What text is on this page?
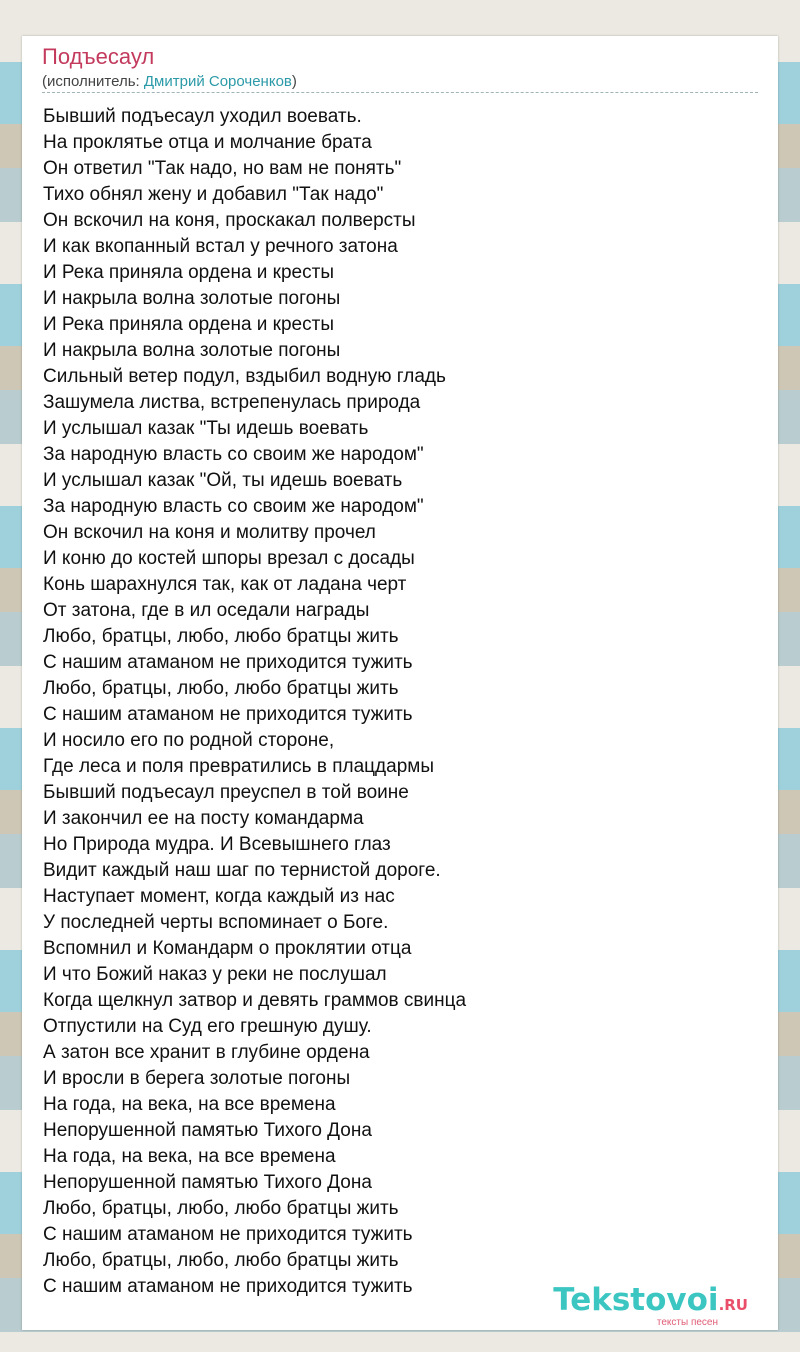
Подъесаул
(исполнитель: Дмитрий Сороченков)
Бывший подъесаул уходил воевать.
На проклятье отца и молчание брата
Он ответил "Так надо, но вам не понять"
Тихо обнял жену и добавил "Так надо"
Он вскочил на коня, проскакал полверсты
И как вкопанный встал у речного затона
И Река приняла ордена и кресты
И накрыла волна золотые погоны
И Река приняла ордена и кресты
И накрыла волна золотые погоны
Сильный ветер подул, вздыбил водную гладь
Зашумела листва, встрепенулась природа
И услышал казак "Ты идешь воевать
За народную власть со своим же народом"
И услышал казак "Ой, ты идешь воевать
За народную власть со своим же народом"
Он вскочил на коня и молитву прочел
И коню до костей шпоры врезал с досады
Конь шарахнулся так, как от ладана черт
От затона, где в ил оседали награды
Любо, братцы, любо, любо братцы жить
С нашим атаманом не приходится тужить
Любо, братцы, любо, любо братцы жить
С нашим атаманом не приходится тужить
И носило его по родной стороне,
Где леса и поля превратились в плацдармы
Бывший подъесаул преуспел в той воине
И закончил ее на посту командарма
Но Природа мудра. И Всевышнего глаз
Видит каждый наш шаг по тернистой дороге.
Наступает момент, когда каждый из нас
У последней черты вспоминает о Боге.
Вспомнил и Командарм о проклятии отца
И что Божий наказ у реки не послушал
Когда щелкнул затвор и девять граммов свинца
Отпустили на Суд его грешную душу.
А затон все хранит в глубине ордена
И вросли в берега золотые погоны
На года, на века, на все времена
Непорушенной памятью Тихого Дона
На года, на века, на все времена
Непорушенной памятью Тихого Дона
Любо, братцы, любо, любо братцы жить
С нашим атаманом не приходится тужить
Любо, братцы, любо, любо братцы жить
С нашим атаманом не приходится тужить	Tekstovoi.RU
тексты песен
